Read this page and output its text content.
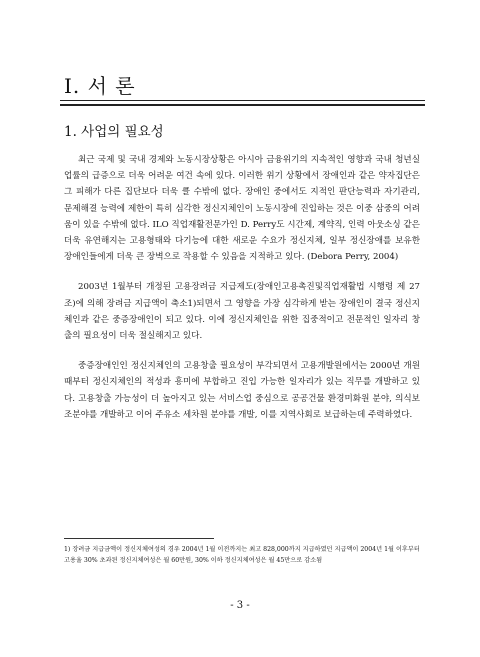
Ⅰ. 서 론
1. 사업의 필요성

최근 국제 및 국내 경제와 노동시장상황은 아시아 금융위기의 지속적인 영향과 국내 청년실업률의 급증으로 더욱 어려운 여건 속에 있다. 이러한 위기 상황에서 장애인과 같은 약자집단은 그 피해가 다른 집단보다 더욱 클 수밖에 없다. 장애인 중에서도 지적인 판단능력과 자기관리, 문제해결 능력에 제한이 특히 심각한 정신지체인이 노동시장에 진입하는 것은 이중 삼중의 어려움이 있을 수밖에 없다. ILO 직업재활전문가인 D. Perry도 시간제, 계약직, 인력 아웃소싱 같은 더욱 유연해지는 고용형태와 다기능에 대한 새로운 수요가 정신지체, 일부 정신장애를 보유한 장애인들에게 더욱 큰 장벽으로 작용할 수 있음을 지적하고 있다. (Debora Perry, 2004)

2003년 1월부터 개정된 고용장려금 지급제도(장애인고용촉진및직업재활법 시행령 제 27조)에 의해 장려금 지급액이 축소1)되면서 그 영향을 가장 심각하게 받는 장애인이 결국 정신지체인과 같은 중증장애인이 되고 있다. 이에 정신지체인을 위한 집중적이고 전문적인 일자리 창출의 필요성이 더욱 절실해지고 있다.

중증장애인인 정신지체인의 고용창출 필요성이 부각되면서 고용개발원에서는 2000년 개원 때부터 정신지체인의 적성과 흥미에 부합하고 진입 가능한 일자리가 있는 직무를 개발하고 있다. 고용창출 가능성이 더 높아지고 있는 서비스업 중심으로 공공건물 환경미화원 분야, 의식보조분야를 개발하고 이어 주유소 세차원 분야를 개발, 이를 지역사회로 보급하는데 주력하였다.

1) 장려금 지급금액이 정신지체여성의 경우 2004년 1월 이전까지는 최고 828,000까지 지급하였던 지급액이 2004년 1월 이후부터 고용율 30% 초과된 정신지체여성은 월 60만원, 30% 이하 정신지체여성은 월 45만으로 감소됨

- 3 -
